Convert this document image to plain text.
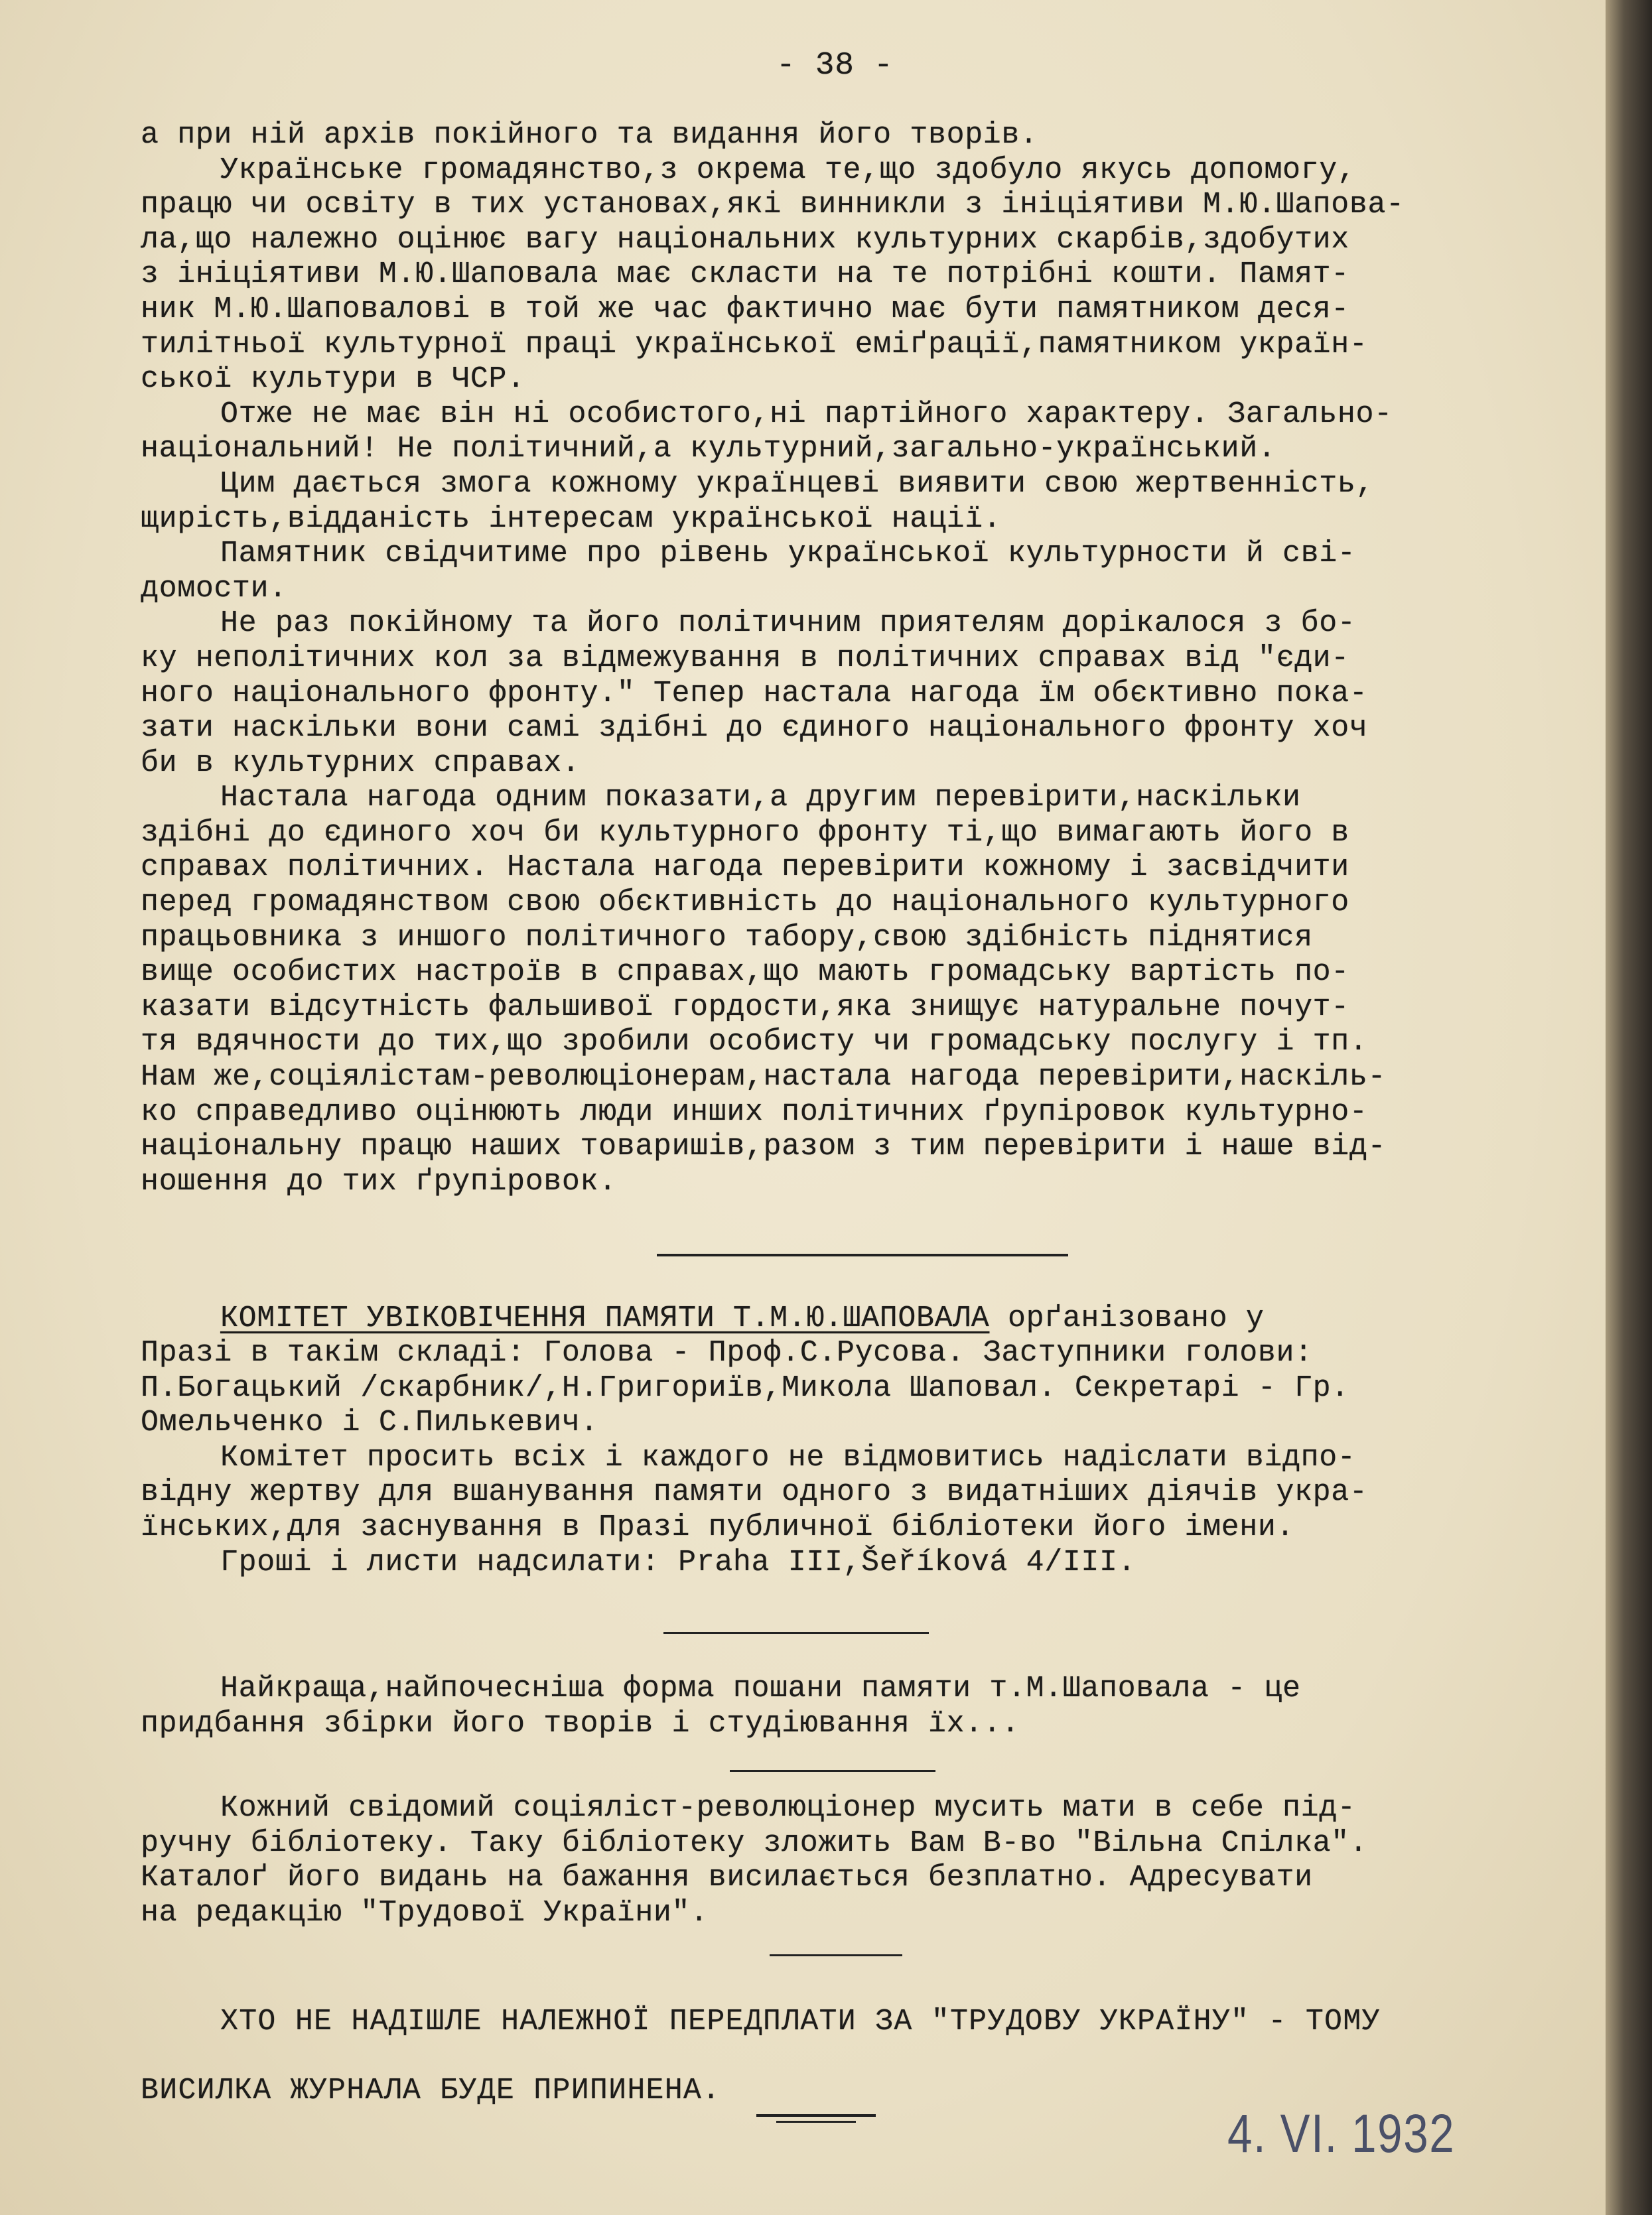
- 38 -
а при ній архів покійного та видання його творів.
Українське громадянство,з окрема те,що здобуло якусь допомогу,
працю чи освіту в тих установах,які винникли з ініціятиви М.Ю.Шапова-
ла,що належно оцінює вагу національних культурних скарбів,здобутих
з ініціятиви М.Ю.Шаповала має скласти на те потрібні кошти. Памят-
ник М.Ю.Шаповалові в той же час фактично має бути памятником деся-
тилітньої культурної праці української еміґрації,памятником україн-
ської культури в ЧСР.
Отже не має він ні особистого,ні партійного характеру. Загально-
національний! Не політичний,а культурний,загально-український.
Цим дається змога кожному українцеві виявити свою жертвенність,
щирість,відданість інтересам української нації.
Памятник свідчитиме про рівень української культурности й сві-
домости.
Не раз покійному та його політичним приятелям дорікалося з бо-
ку неполітичних кол за відмежування в політичних справах від "єди-
ного національного фронту." Тепер настала нагода їм обєктивно пока-
зати наскільки вони самі здібні до єдиного національного фронту хоч
би в культурних справах.
Настала нагода одним показати,а другим перевірити,наскільки
здібні до єдиного хоч би культурного фронту ті,що вимагають його в
справах політичних. Настала нагода перевірити кожному і засвідчити
перед громадянством свою обєктивність до національного культурного
працьовника з иншого політичного табору,свою здібність піднятися
вище особистих настроїв в справах,що мають громадську вартість по-
казати відсутність фальшивої гордости,яка знищує натуральне почут-
тя вдячности до тих,що зробили особисту чи громадську послугу і тп.
Нам же,соціялістам-революціонерам,настала нагода перевірити,наскіль-
ко справедливо оцінюють люди инших політичних ґрупіровок культурно-
національну працю наших товаришів,разом з тим перевірити і наше від-
ношення до тих ґрупіровок.
КОМІТЕТ УВІКОВІЧЕННЯ ПАМЯТИ Т.М.Ю.ШАПОВАЛА орґанізовано у
Празі в такім складі: Голова - Проф.С.Русова. Заступники голови:
П.Богацький /скарбник/,Н.Григориїв,Микола Шаповал. Секретарі - Гр.
Омельченко і С.Пилькевич.
Комітет просить всіх і каждого не відмовитись надіслати відпо-
відну жертву для вшанування памяти одного з видатніших діячів укра-
їнських,для заснування в Празі публичної бібліотеки його імени.
Гроші і листи надсилати: Praha III,Šeříková 4/III.
Найкраща,найпочесніша форма пошани памяти т.М.Шаповала - це
придбання збірки його творів і студіювання їх...
Кожний свідомий соціяліст-революціонер мусить мати в себе під-
ручну бібліотеку. Таку бібліотеку зложить Вам В-во "Вільна Спілка".
Каталоґ його видань на бажання висилається безплатно. Адресувати
на редакцію "Трудової України".
ХТО НЕ НАДІШЛЕ НАЛЕЖНОЇ ПЕРЕДПЛАТИ ЗА "ТРУДОВУ УКРАЇНУ" - ТОМУ
ВИСИЛКА ЖУРНАЛА БУДЕ ПРИПИНЕНА.
4. VI. 1932
